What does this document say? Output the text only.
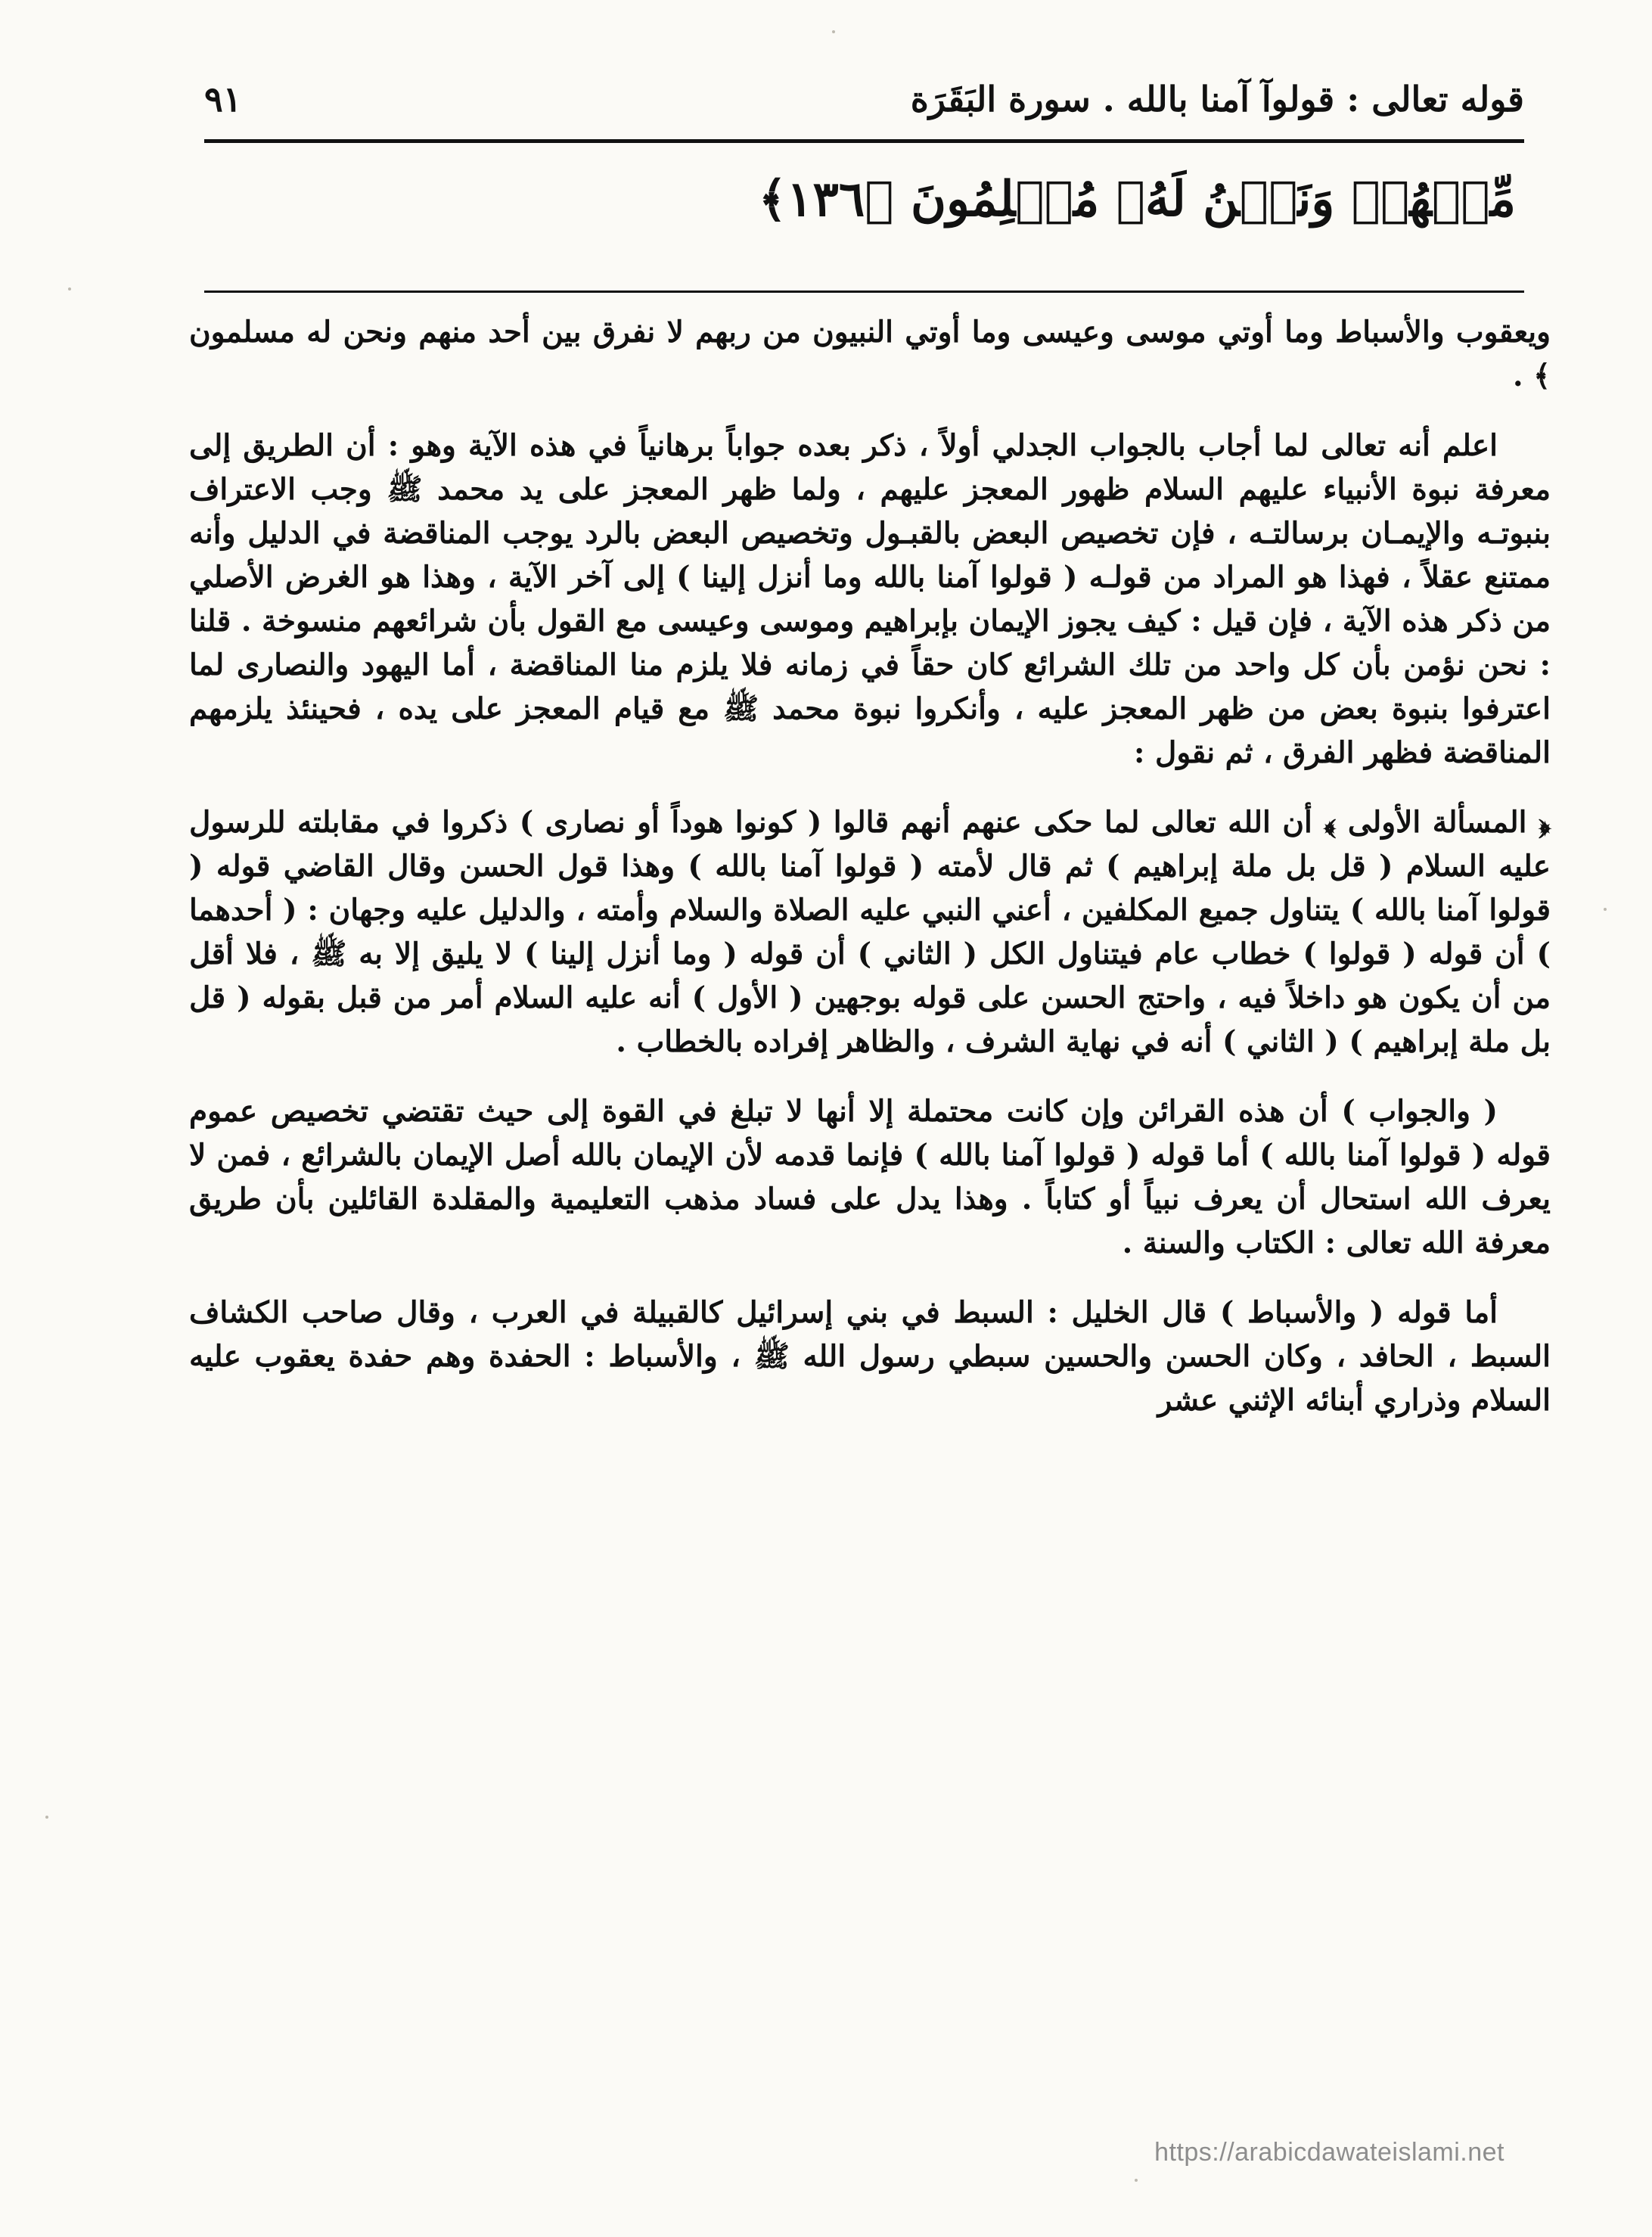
٩١	قوله تعالى : قولوآ آمنا بالله . سورة البَقَرَة
مِّنۡهُمۡ وَنَحۡنُ لَهُۥ مُسۡلِمُونَ ﴿١٣٦﴾

ويعقوب والأسباط وما أوتي موسى وعيسى وما أوتي النبيون من ربهم لا نفرق بين أحد منهم ونحن له مسلمون ﴾ .

اعلم أنه تعالى لما أجاب بالجواب الجدلي أولاً ، ذكر بعده جواباً برهانياً في هذه الآية وهو : أن الطريق إلى معرفة نبوة الأنبياء عليهم السلام ظهور المعجز عليهم ، ولما ظهر المعجز على يد محمد ﷺ وجب الاعتراف بنبوتـه والإيمـان برسالتـه ، فإن تخصيص البعض بالقبـول وتخصيص البعض بالرد يوجب المناقضة في الدليل وأنه ممتنع عقلاً ، فهذا هو المراد من قولـه ( قولوا آمنا بالله وما أنزل إلينا ) إلى آخر الآية ، وهذا هو الغرض الأصلي من ذكر هذه الآية ، فإن قيل : كيف يجوز الإيمان بإبراهيم وموسى وعيسى مع القول بأن شرائعهم منسوخة . قلنا : نحن نؤمن بأن كل واحد من تلك الشرائع كان حقاً في زمانه فلا يلزم منا المناقضة ، أما اليهود والنصارى لما اعترفوا بنبوة بعض من ظهر المعجز عليه ، وأنكروا نبوة محمد ﷺ مع قيام المعجز على يده ، فحينئذ يلزمهم المناقضة فظهر الفرق ، ثم نقول :

﴿ المسألة الأولى ﴾ أن الله تعالى لما حكى عنهم أنهم قالوا ( كونوا هوداً أو نصارى ) ذكروا في مقابلته للرسول عليه السلام ( قل بل ملة إبراهيم ) ثم قال لأمته ( قولوا آمنا بالله ) وهذا قول الحسن وقال القاضي قوله ( قولوا آمنا بالله ) يتناول جميع المكلفين ، أعني النبي عليه الصلاة والسلام وأمته ، والدليل عليه وجهان : ( أحدهما ) أن قوله ( قولوا ) خطاب عام فيتناول الكل ( الثاني ) أن قوله ( وما أنزل إلينا ) لا يليق إلا به ﷺ ، فلا أقل من أن يكون هو داخلاً فيه ، واحتج الحسن على قوله بوجهين ( الأول ) أنه عليه السلام أمر من قبل بقوله ( قل بل ملة إبراهيم ) ( الثاني ) أنه في نهاية الشرف ، والظاهر إفراده بالخطاب .

( والجواب ) أن هذه القرائن وإن كانت محتملة إلا أنها لا تبلغ في القوة إلى حيث تقتضي تخصيص عموم قوله ( قولوا آمنا بالله ) أما قوله ( قولوا آمنا بالله ) فإنما قدمه لأن الإيمان بالله أصل الإيمان بالشرائع ، فمن لا يعرف الله استحال أن يعرف نبياً أو كتاباً . وهذا يدل على فساد مذهب التعليمية والمقلدة القائلين بأن طريق معرفة الله تعالى : الكتاب والسنة .

أما قوله ( والأسباط ) قال الخليل : السبط في بني إسرائيل كالقبيلة في العرب ، وقال صاحب الكشاف السبط ، الحافد ، وكان الحسن والحسين سبطي رسول الله ﷺ ، والأسباط : الحفدة وهم حفدة يعقوب عليه السلام وذراري أبنائه الإثني عشر

https://arabicdawateislami.net
